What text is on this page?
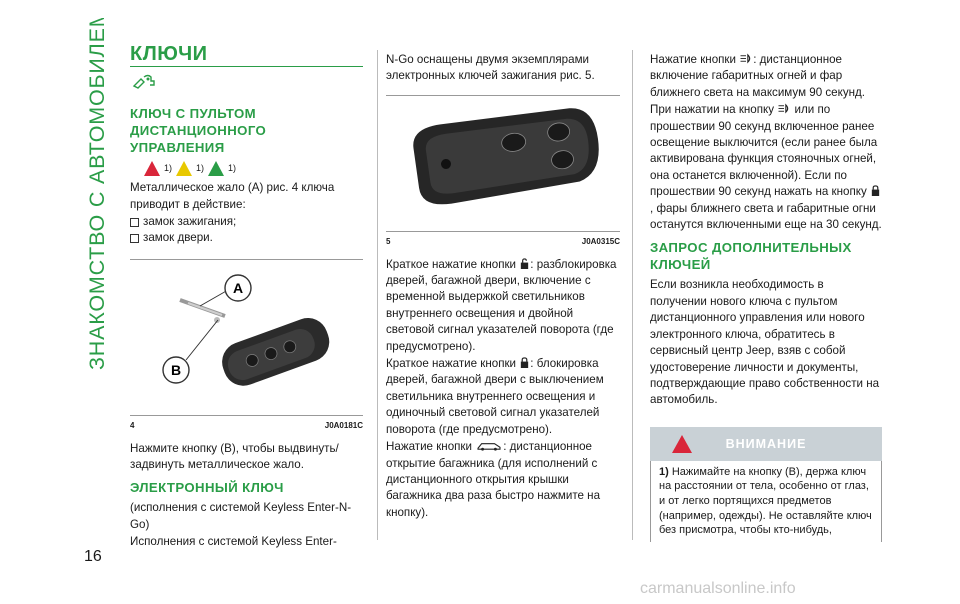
ЗНАКОМСТВО С АВТОМОБИЛЕМ
16
carmanualsonline.info
КЛЮЧИ
КЛЮЧ С ПУЛЬТОМ ДИСТАНЦИОННОГО УПРАВЛЕНИЯ
1)	1)	1)

Металлическое жало (A) рис. 4 ключа приводит в действие:

замок зажигания;
замок двери.
A
B
4	J0A0181C

Нажмите кнопку (B), чтобы выдвинуть/задвинуть металлическое жало.

ЭЛЕКТРОННЫЙ КЛЮЧ

(исполнения с системой Keyless Enter-N-Go)

Исполнения с системой Keyless Enter-

N-Go оснащены двумя экземплярами электронных ключей зажигания рис. 5.

5	J0A0315C

Краткое нажатие кнопки : разблокировка дверей, багажной двери, включение с временной выдержкой светильников внутреннего освещения и двойной световой сигнал указателей поворота (где предусмотрено).

Краткое нажатие кнопки : блокировка дверей, багажной двери с выключением светильника внутреннего освещения и одиночный световой сигнал указателей поворота (где предусмотрено).

Нажатие кнопки	: дистанционное открытие багажника (для исполнений с дистанционного открытия крышки багажника два раза быстро нажмите на кнопку).

Нажатие кнопки : дистанционное включение габаритных огней и фар ближнего света на максимум 90 секунд.

При нажатии на кнопку или по прошествии 90 секунд включенное ранее освещение выключится (если ранее была активирована функция стояночных огней, она останется включенной). Если по прошествии 90 секунд нажать на кнопку , фары ближнего света и габаритные огни останутся включенными еще на 30 секунд.

ЗАПРОС ДОПОЛНИТЕЛЬНЫХ КЛЮЧЕЙ

Если возникла необходимость в получении нового ключа с пультом дистанционного управления или нового электронного ключа, обратитесь в сервисный центр Jeep, взяв с собой удостоверение личности и документы, подтверждающие право собственности на автомобиль.

ВНИМАНИЕ
1) Нажимайте на кнопку (B), держа ключ на расстоянии от тела, особенно от глаз, и от легко портящихся предметов (например, одежды). Не оставляйте ключ без присмотра, чтобы кто-нибудь,
